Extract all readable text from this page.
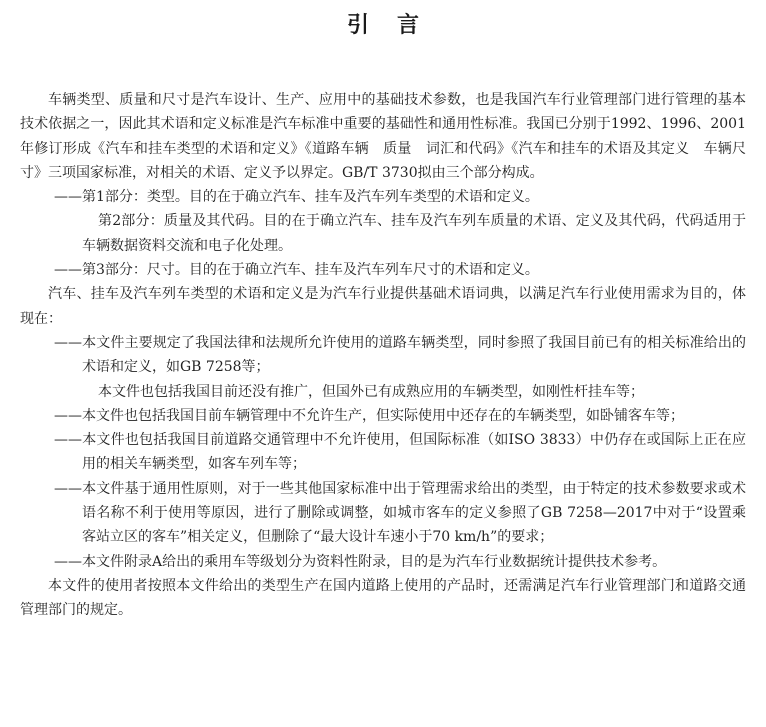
引言

车辆类型、质量和尺寸是汽车设计、生产、应用中的基础技术参数，也是我国汽车行业管理部门进行管理的基本技术依据之一，因此其术语和定义标准是汽车标准中重要的基础性和通用性标准。我国已分别于1992、1996、2001年修订形成《汽车和挂车类型的术语和定义》《道路车辆　质量　词汇和代码》《汽车和挂车的术语及其定义　车辆尺寸》三项国家标准，对相关的术语、定义予以界定。GB/T 3730拟由三个部分构成。

——第1部分：类型。目的在于确立汽车、挂车及汽车列车类型的术语和定义。

第2部分：质量及其代码。目的在于确立汽车、挂车及汽车列车质量的术语、定义及其代码，代码适用于车辆数据资料交流和电子化处理。

——第3部分：尺寸。目的在于确立汽车、挂车及汽车列车尺寸的术语和定义。

汽车、挂车及汽车列车类型的术语和定义是为汽车行业提供基础术语词典，以满足汽车行业使用需求为目的，体现在：

——本文件主要规定了我国法律和法规所允许使用的道路车辆类型，同时参照了我国目前已有的相关标准给出的术语和定义，如GB 7258等；

本文件也包括我国目前还没有推广，但国外已有成熟应用的车辆类型，如刚性杆挂车等；

——本文件也包括我国目前车辆管理中不允许生产，但实际使用中还存在的车辆类型，如卧铺客车等；

——本文件也包括我国目前道路交通管理中不允许使用，但国际标准（如ISO 3833）中仍存在或国际上正在应用的相关车辆类型，如客车列车等；

——本文件基于通用性原则，对于一些其他国家标准中出于管理需求给出的类型，由于特定的技术参数要求或术语名称不利于使用等原因，进行了删除或调整，如城市客车的定义参照了GB 7258—2017中对于“设置乘客站立区的客车”相关定义，但删除了“最大设计车速小于70 km/h”的要求；

——本文件附录A给出的乘用车等级划分为资料性附录，目的是为汽车行业数据统计提供技术参考。

本文件的使用者按照本文件给出的类型生产在国内道路上使用的产品时，还需满足汽车行业管理部门和道路交通管理部门的规定。
